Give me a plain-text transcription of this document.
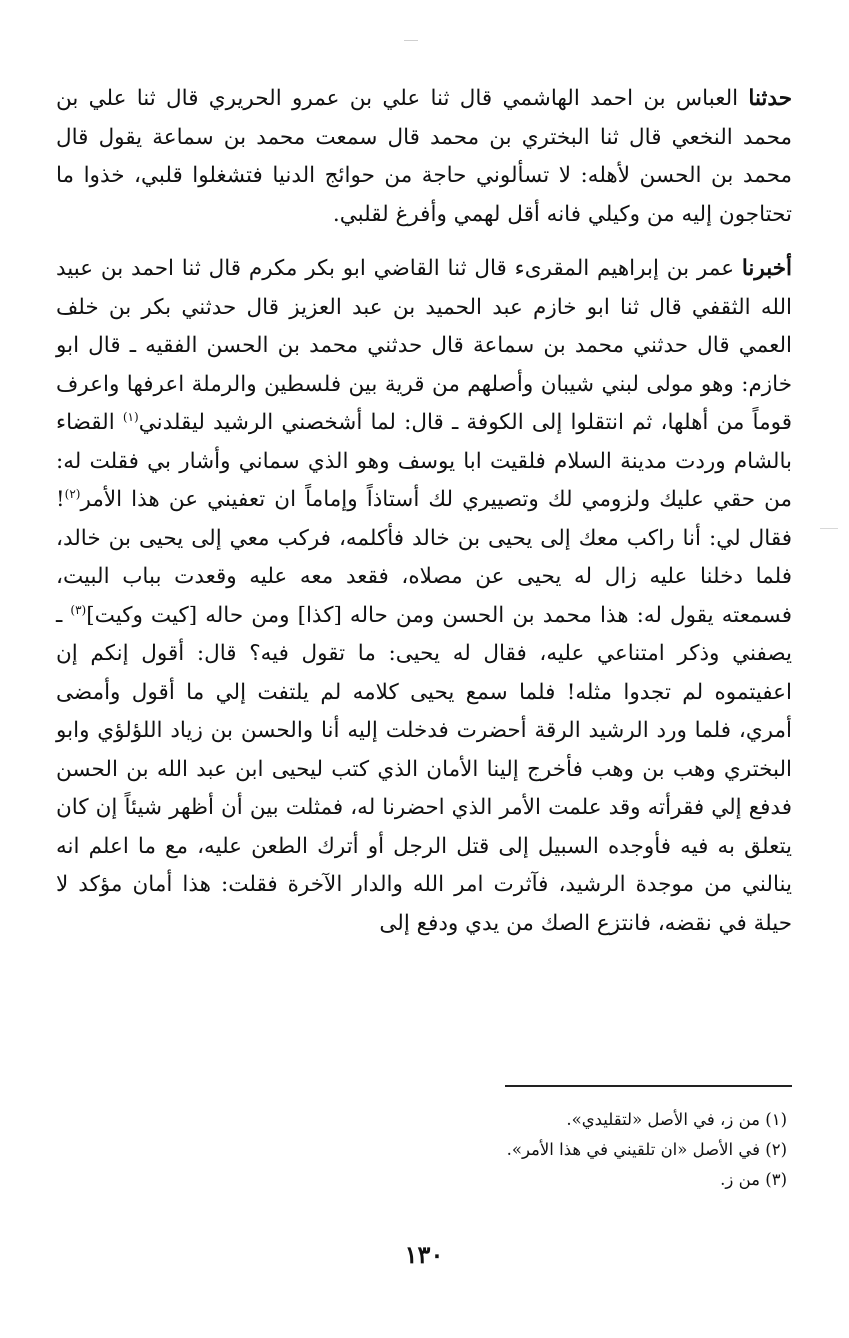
حدثنا العباس بن احمد الهاشمي قال ثنا علي بن عمرو الحريري قال ثنا علي بن محمد النخعي قال ثنا البختري بن محمد قال سمعت محمد بن سماعة يقول قال محمد بن الحسن لأهله: لا تسألوني حاجة من حوائج الدنيا فتشغلوا قلبي، خذوا ما تحتاجون إليه من وكيلي فانه أقل لهمي وأفرغ لقلبي.

أخبرنا عمر بن إبراهيم المقرىء قال ثنا القاضي ابو بكر مكرم قال ثنا احمد بن عبيد الله الثقفي قال ثنا ابو خازم عبد الحميد بن عبد العزيز قال حدثني بكر بن خلف العمي قال حدثني محمد بن سماعة قال حدثني محمد بن الحسن الفقيه ـ قال ابو خازم: وهو مولى لبني شيبان وأصلهم من قرية بين فلسطين والرملة اعرفها واعرف قوماً من أهلها، ثم انتقلوا إلى الكوفة ـ قال: لما أشخصني الرشيد ليقلدني$^{(١)}$ القضاء بالشام وردت مدينة السلام فلقيت ابا يوسف وهو الذي سماني وأشار بي فقلت له: من حقي عليك ولزومي لك وتصييري لك أستاذاً وإماماً ان تعفيني عن هذا الأمر$^{(٢)}$! فقال لي: أنا راكب معك إلى يحيى بن خالد فأكلمه، فركب معي إلى يحيى بن خالد، فلما دخلنا عليه زال له يحيى عن مصلاه، فقعد معه عليه وقعدت بباب البيت، فسمعته يقول له: هذا محمد بن الحسن ومن حاله [كذا] ومن حاله [كيت وكيت]$^{(٣)}$ ـ يصفني وذكر امتناعي عليه، فقال له يحيى: ما تقول فيه؟ قال: أقول إنكم إن اعفيتموه لم تجدوا مثله! فلما سمع يحيى كلامه لم يلتفت إلي ما أقول وأمضى أمري، فلما ورد الرشيد الرقة أحضرت فدخلت إليه أنا والحسن بن زياد اللؤلؤي وابو البختري وهب بن وهب فأخرج إلينا الأمان الذي كتب ليحيى ابن عبد الله بن الحسن فدفع إلي فقرأته وقد علمت الأمر الذي احضرنا له، فمثلت بين أن أظهر شيئاً إن كان يتعلق به فيه فأوجده السبيل إلى قتل الرجل أو أترك الطعن عليه، مع ما اعلم انه ينالني من موجدة الرشيد، فآثرت امر الله والدار الآخرة فقلت: هذا أمان مؤكد لا حيلة في نقضه، فانتزع الصك من يدي ودفع إلى

(١) من ز، في الأصل «لتقليدي».
(٢) في الأصل «ان تلقيني في هذا الأمر».
(٣) من ز.
١٣٠
